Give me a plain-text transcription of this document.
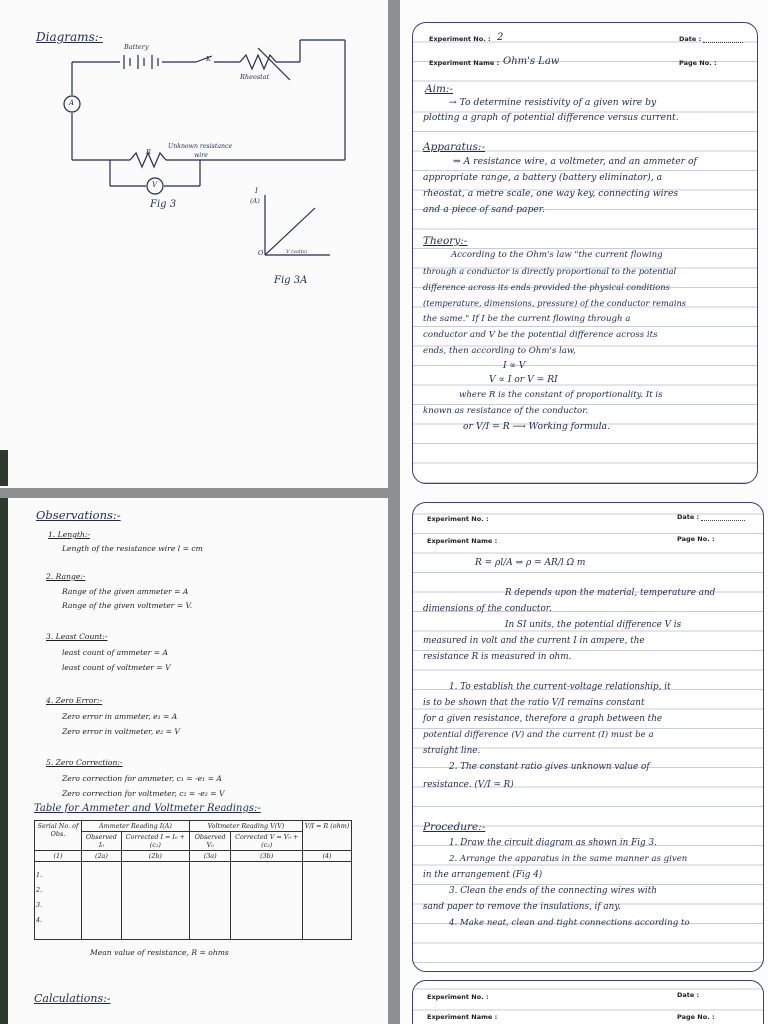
Diagrams:-
Battery
K
Rheostat
A
R
Unknown resistance
wire
V
Fig 3
I
(A)
O	V (volts)
Fig 3A
Experiment No. : 2	Date :
Experiment Name : Ohm's Law	Page No. :
Aim:-
→ To determine resistivity of a given wire by
plotting a graph of potential difference versus current.
Apparatus:-
⇒ A resistance wire, a voltmeter, and an ammeter of
appropriate range, a battery (battery eliminator), a
rheostat, a metre scale, one way key, connecting wires
and a piece of sand paper.
Theory:-
According to the Ohm's law "the current flowing
through a conductor is directly proportional to the potential
difference across its ends provided the physical conditions
(temperature, dimensions, pressure) of the conductor remains
the same." If I be the current flowing through a
conductor and V be the potential difference across its
ends, then according to Ohm's law,
I ∝ V
V ∝ I or V = RI
where R is the constant of proportionality. It is
known as resistance of the conductor.
or V/I = R ⟶ Working formula.
Observations:-
1. Length:-
Length of the resistance wire l = cm
2. Range:-
Range of the given ammeter = A
Range of the given voltmeter = V.
3. Least Count:-
least count of ammeter = A
least count of voltmeter = V
4. Zero Error:-
Zero error in ammeter, e₁ = A
Zero error in voltmeter, e₂ = V
5. Zero Correction:-
Zero correction for ammeter, c₁ = -e₁ = A
Zero correction for voltmeter, c₂ = -e₂ = V
Table for Ammeter and Voltmeter Readings:-
Serial No. of Obs.	Ammeter Reading I(A)		Voltmeter Reading V(V)		V/I = R (ohm)
	Observed I₀	Corrected I = I₀ + (c₁)	Observed V₀	Corrected V = V₀ + (c₂)	
(1)	(2a)	(2b)	(3a)	(3b)	(4)

1.
2.
3.
4.					

Mean value of resistance, R = ohms
Calculations:-
Experiment No. :	Date :
Experiment Name :	Page No. :
R = ρl/A ⇒ ρ = AR/l Ω m
R depends upon the material, temperature and
dimensions of the conductor.
In SI units, the potential difference V is
measured in volt and the current I in ampere, the
resistance R is measured in ohm.
1. To establish the current-voltage relationship, it
is to be shown that the ratio V/I remains constant
for a given resistance, therefore a graph between the
potential difference (V) and the current (I) must be a
straight line.
2. The constant ratio gives unknown value of
resistance. (V/I = R)
Procedure:-
1. Draw the circuit diagram as shown in Fig 3.
2. Arrange the apparatus in the same manner as given
in the arrangement (Fig 4)
3. Clean the ends of the connecting wires with
sand paper to remove the insulations, if any.
4. Make neat, clean and tight connections according to
Experiment No. :	Date :
Experiment Name :	Page No. :
